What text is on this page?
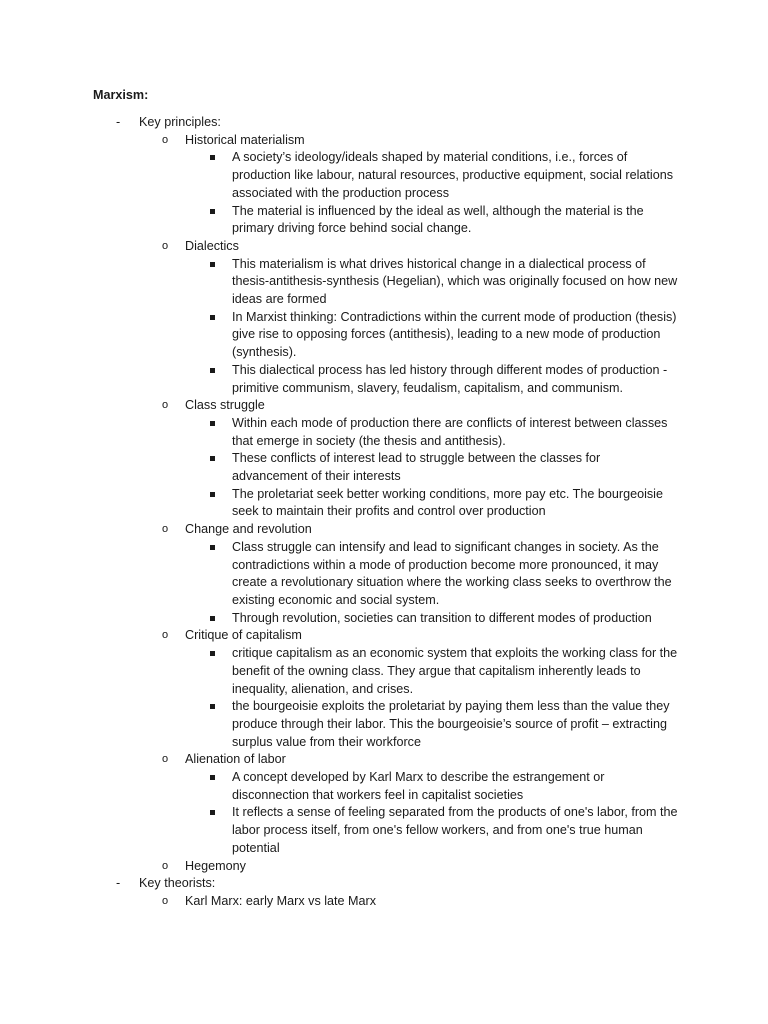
Marxism:
- Key principles:
o Historical materialism
A society’s ideology/ideals shaped by material conditions, i.e., forces of production like labour, natural resources, productive equipment, social relations associated with the production process
The material is influenced by the ideal as well, although the material is the primary driving force behind social change.
o Dialectics
This materialism is what drives historical change in a dialectical process of thesis-antithesis-synthesis (Hegelian), which was originally focused on how new ideas are formed
In Marxist thinking: Contradictions within the current mode of production (thesis) give rise to opposing forces (antithesis), leading to a new mode of production (synthesis).
This dialectical process has led history through different modes of production - primitive communism, slavery, feudalism, capitalism, and communism.
o Class struggle
Within each mode of production there are conflicts of interest between classes that emerge in society (the thesis and antithesis).
These conflicts of interest lead to struggle between the classes for advancement of their interests
The proletariat seek better working conditions, more pay etc. The bourgeoisie seek to maintain their profits and control over production
o Change and revolution
Class struggle can intensify and lead to significant changes in society. As the contradictions within a mode of production become more pronounced, it may create a revolutionary situation where the working class seeks to overthrow the existing economic and social system.
Through revolution, societies can transition to different modes of production
o Critique of capitalism
critique capitalism as an economic system that exploits the working class for the benefit of the owning class. They argue that capitalism inherently leads to inequality, alienation, and crises.
the bourgeoisie exploits the proletariat by paying them less than the value they produce through their labor. This the bourgeoisie’s source of profit – extracting surplus value from their workforce
o Alienation of labor
A concept developed by Karl Marx to describe the estrangement or disconnection that workers feel in capitalist societies
It reflects a sense of feeling separated from the products of one's labor, from the labor process itself, from one's fellow workers, and from one's true human potential
o Hegemony
- Key theorists:
o Karl Marx: early Marx vs late Marx
